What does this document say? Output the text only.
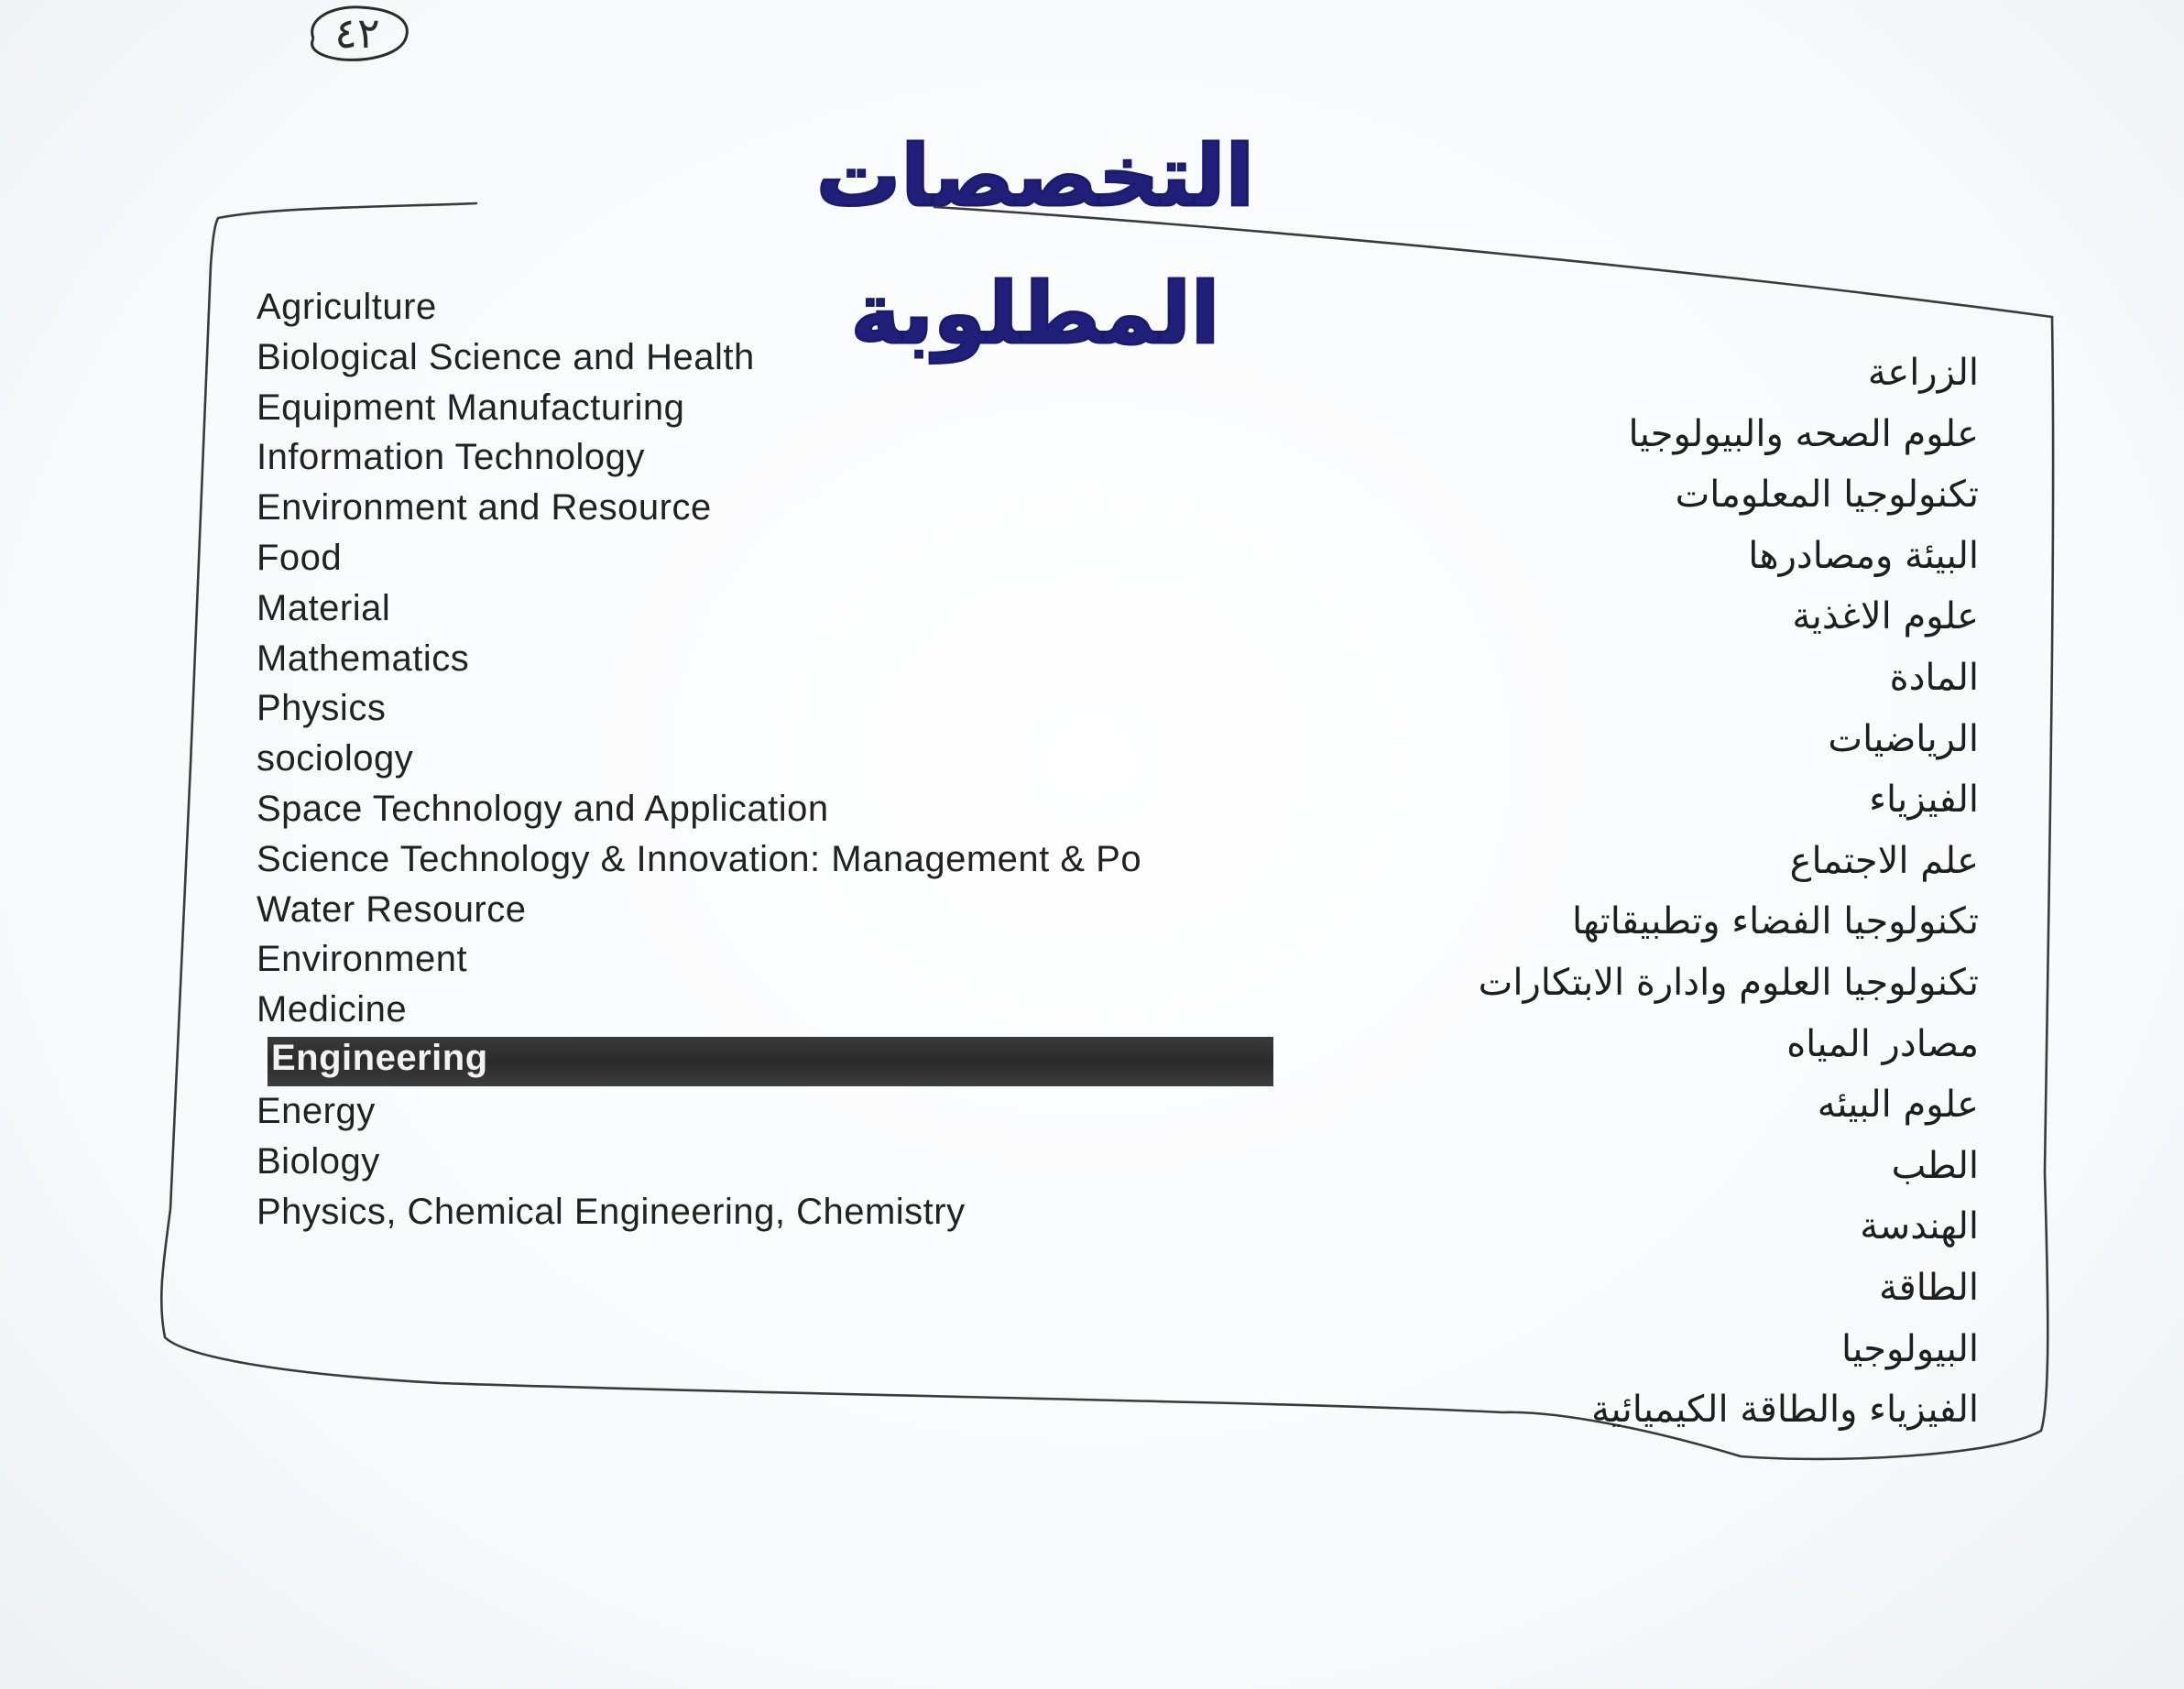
٤٢
التخصصات المطلوبة
Agriculture
Biological Science and Health
Equipment Manufacturing
Information Technology
Environment and Resource
Food
Material
Mathematics
Physics
sociology
Space Technology and Application
Science Technology & Innovation: Management & Po
Water Resource
Environment
Medicine
Engineering
Energy
Biology
Physics, Chemical Engineering, Chemistry
الزراعة
علوم الصحه والبيولوجيا
تكنولوجيا المعلومات
البيئة ومصادرها
علوم الاغذية
المادة
الرياضيات
الفيزياء
علم الاجتماع
تكنولوجيا الفضاء وتطبيقاتها
تكنولوجيا العلوم وادارة الابتكارات
مصادر المياه
علوم البيئه
الطب
الهندسة
الطاقة
البيولوجيا
الفيزياء والطاقة الكيميائية
